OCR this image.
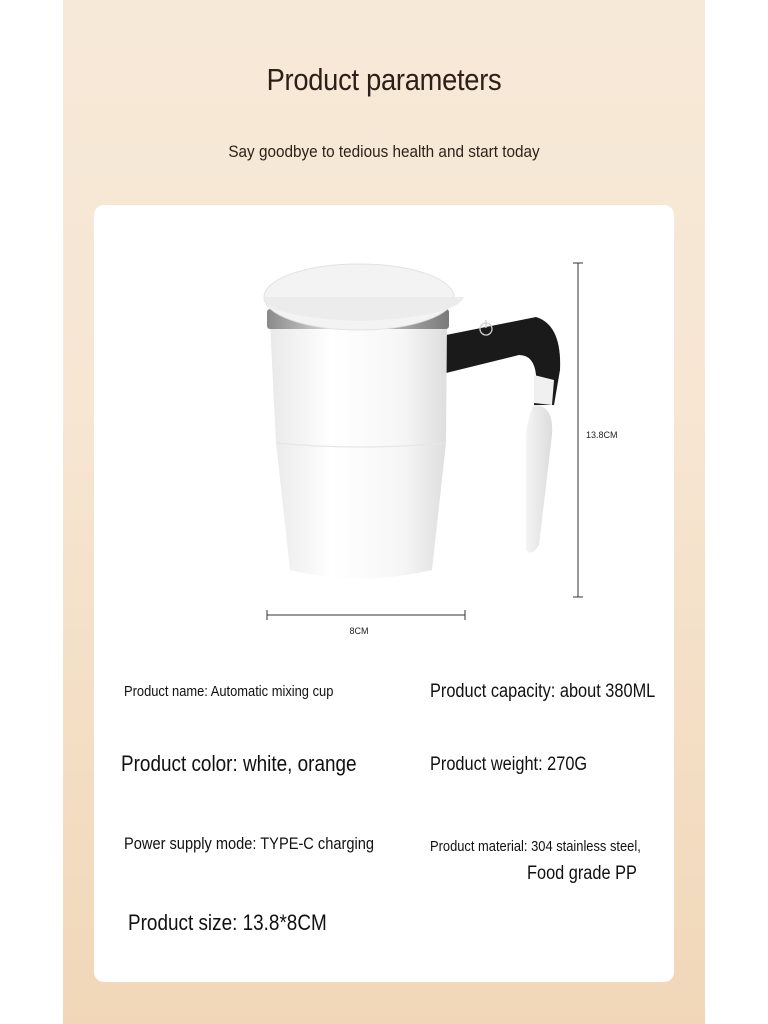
Product parameters
Say goodbye to tedious health and start today
13.8CM
8CM
Product name: Automatic mixing cup	Product capacity: about 380ML
Product color: white, orange	Product weight: 270G
Power supply mode: TYPE-C charging	Product material: 304 stainless steel,
Food grade PP
Product size: 13.8*8CM
